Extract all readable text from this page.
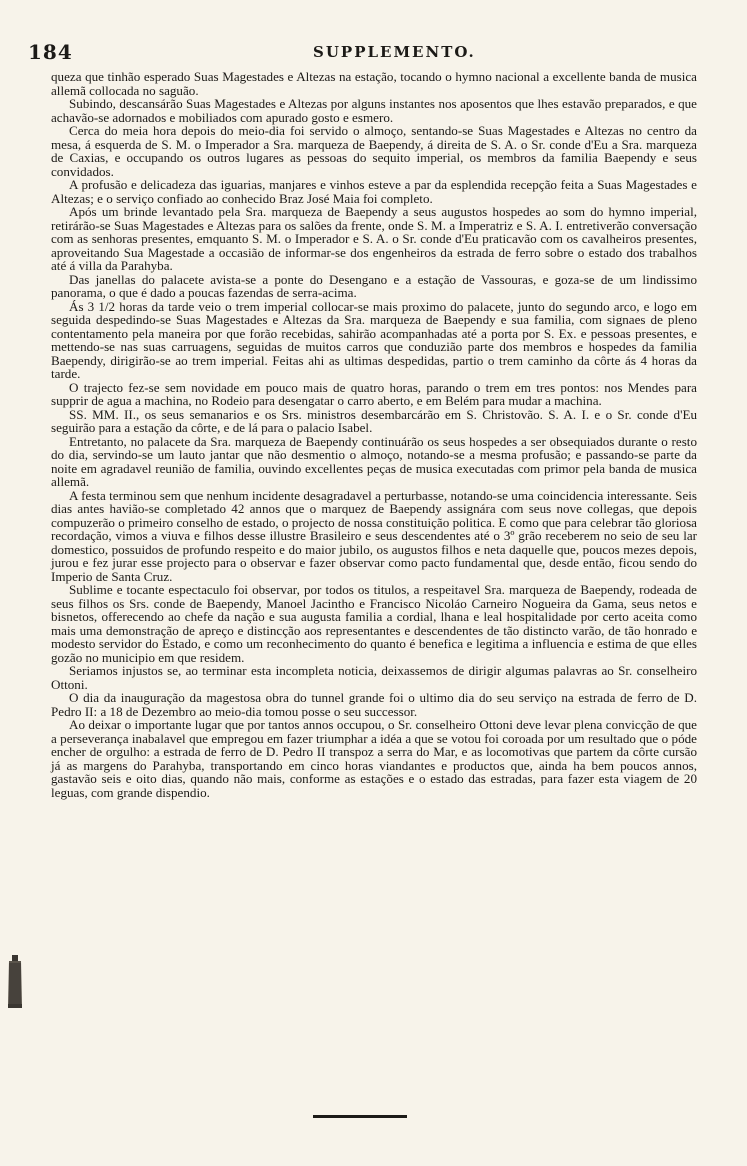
184	SUPPLEMENTO.

queza que tinhão esperado Suas Magestades e Altezas na estação, tocando o hymno nacional a excellente banda de musica allemã collocada no saguão.

Subindo, descansárão Suas Magestades e Altezas por alguns instantes nos aposentos que lhes estavão preparados, e que achavão-se adornados e mobiliados com apurado gosto e esmero.

Cerca do meia hora depois do meio-dia foi servido o almoço, sentando-se Suas Magestades e Altezas no centro da mesa, á esquerda de S. M. o Imperador a Sra. marqueza de Baependy, á direita de S. A. o Sr. conde d'Eu a Sra. marqueza de Caxias, e occupando os outros lugares as pessoas do sequito imperial, os membros da familia Baependy e seus convidados.

A profusão e delicadeza das iguarias, manjares e vinhos esteve a par da esplendida recepção feita a Suas Magestades e Altezas; e o serviço confiado ao conhecido Braz José Maia foi completo.

Após um brinde levantado pela Sra. marqueza de Baependy a seus augustos hospedes ao som do hymno imperial, retirárão-se Suas Magestades e Altezas para os salões da frente, onde S. M. a Imperatriz e S. A. I. entretiverão conversação com as senhoras presentes, emquanto S. M. o Imperador e S. A. o Sr. conde d'Eu praticavão com os cavalheiros presentes, aproveitando Sua Magestade a occasião de informar-se dos engenheiros da estrada de ferro sobre o estado dos trabalhos até á villa da Parahyba.

Das janellas do palacete avista-se a ponte do Desengano e a estação de Vassouras, e goza-se de um lindissimo panorama, o que é dado a poucas fazendas de serra-acima.

Ás 3 1/2 horas da tarde veio o trem imperial collocar-se mais proximo do palacete, junto do segundo arco, e logo em seguida despedindo-se Suas Magestades e Altezas da Sra. marqueza de Baependy e sua familia, com signaes de pleno contentamento pela maneira por que forão recebidas, sahirão acompanhadas até a porta por S. Ex. e pessoas presentes, e mettendo-se nas suas carruagens, seguidas de muitos carros que conduzião parte dos membros e hospedes da familia Baependy, dirigirão-se ao trem imperial. Feitas ahi as ultimas despedidas, partio o trem caminho da côrte ás 4 horas da tarde.

O trajecto fez-se sem novidade em pouco mais de quatro horas, parando o trem em tres pontos: nos Mendes para supprir de agua a machina, no Rodeio para desengatar o carro aberto, e em Belém para mudar a machina.

SS. MM. II., os seus semanarios e os Srs. ministros desembarcárão em S. Christovão. S. A. I. e o Sr. conde d'Eu seguirão para a estação da côrte, e de lá para o palacio Isabel.

Entretanto, no palacete da Sra. marqueza de Baependy continuárão os seus hospedes a ser obsequiados durante o resto do dia, servindo-se um lauto jantar que não desmentio o almoço, notando-se a mesma profusão; e passando-se parte da noite em agradavel reunião de familia, ouvindo excellentes peças de musica executadas com primor pela banda de musica allemã.

A festa terminou sem que nenhum incidente desagradavel a perturbasse, notando-se uma coincidencia interessante. Seis dias antes havião-se completado 42 annos que o marquez de Baependy assignára com seus nove collegas, que depois compuzerão o primeiro conselho de estado, o projecto de nossa constituição politica. E como que para celebrar tão gloriosa recordação, vimos a viuva e filhos desse illustre Brasileiro e seus descendentes até o 3º grão receberem no seio de seu lar domestico, possuidos de profundo respeito e do maior jubilo, os augustos filhos e neta daquelle que, poucos mezes depois, jurou e fez jurar esse projecto para o observar e fazer observar como pacto fundamental que, desde então, ficou sendo do Imperio de Santa Cruz.

Sublime e tocante espectaculo foi observar, por todos os titulos, a respeitavel Sra. marqueza de Baependy, rodeada de seus filhos os Srs. conde de Baependy, Manoel Jacintho e Francisco Nicoláo Carneiro Nogueira da Gama, seus netos e bisnetos, offerecendo ao chefe da nação e sua augusta familia a cordial, lhana e leal hospitalidade por certo aceita como mais uma demonstração de apreço e distincção aos representantes e descendentes de tão distincto varão, de tão honrado e modesto servidor do Estado, e como um reconhecimento do quanto é benefica e legitima a influencia e estima de que elles gozão no municipio em que residem.

Seriamos injustos se, ao terminar esta incompleta noticia, deixassemos de dirigir algumas palavras ao Sr. conselheiro Ottoni.

O dia da inauguração da magestosa obra do tunnel grande foi o ultimo dia do seu serviço na estrada de ferro de D. Pedro II: a 18 de Dezembro ao meio-dia tomou posse o seu successor.

Ao deixar o importante lugar que por tantos annos occupou, o Sr. conselheiro Ottoni deve levar plena convicção de que a perseverança inabalavel que empregou em fazer triumphar a idéa a que se votou foi coroada por um resultado que o póde encher de orgulho: a estrada de ferro de D. Pedro II transpoz a serra do Mar, e as locomotivas que partem da côrte cursão já as margens do Parahyba, transportando em cinco horas viandantes e productos que, ainda ha bem poucos annos, gastavão seis e oito dias, quando não mais, conforme as estações e o estado das estradas, para fazer esta viagem de 20 leguas, com grande dispendio.
